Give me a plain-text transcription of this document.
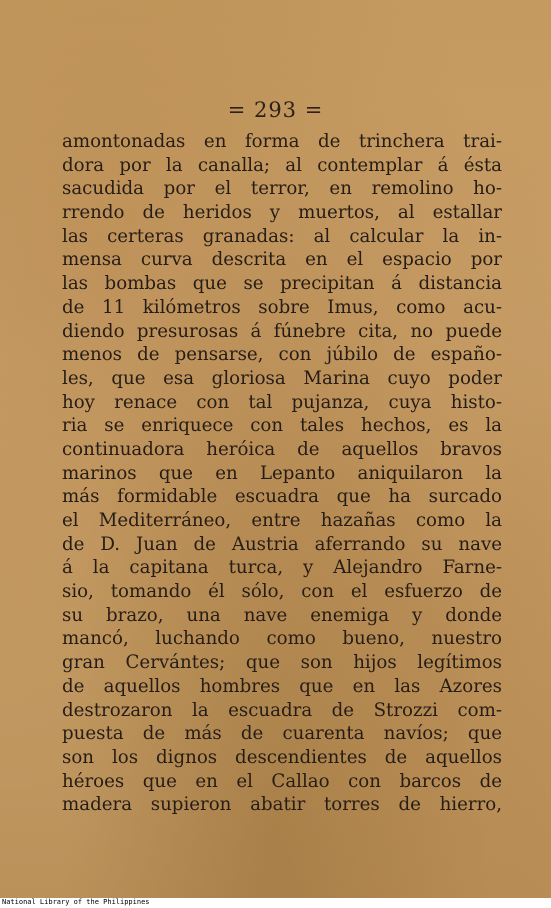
= 293 =
amontonadas en forma de trinchera trai-
dora por la canalla; al contemplar á ésta
sacudida por el terror, en remolino ho-
rrendo de heridos y muertos, al estallar
las certeras granadas: al calcular la in-
mensa curva descrita en el espacio por
las bombas que se precipitan á distancia
de 11 kilómetros sobre Imus, como acu-
diendo presurosas á fúnebre cita, no puede
menos de pensarse, con júbilo de españo-
les, que esa gloriosa Marina cuyo poder
hoy renace con tal pujanza, cuya histo-
ria se enriquece con tales hechos, es la
continuadora heróica de aquellos bravos
marinos que en Lepanto aniquilaron la
más formidable escuadra que ha surcado
el Mediterráneo, entre hazañas como la
de D. Juan de Austria aferrando su nave
á la capitana turca, y Alejandro Farne-
sio, tomando él sólo, con el esfuerzo de
su brazo, una nave enemiga y donde
mancó, luchando como bueno, nuestro
gran Cervántes; que son hijos legítimos
de aquellos hombres que en las Azores
destrozaron la escuadra de Strozzi com-
puesta de más de cuarenta navíos; que
son los dignos descendientes de aquellos
héroes que en el Callao con barcos de
madera supieron abatir torres de hierro,
National Library of the Philippines
